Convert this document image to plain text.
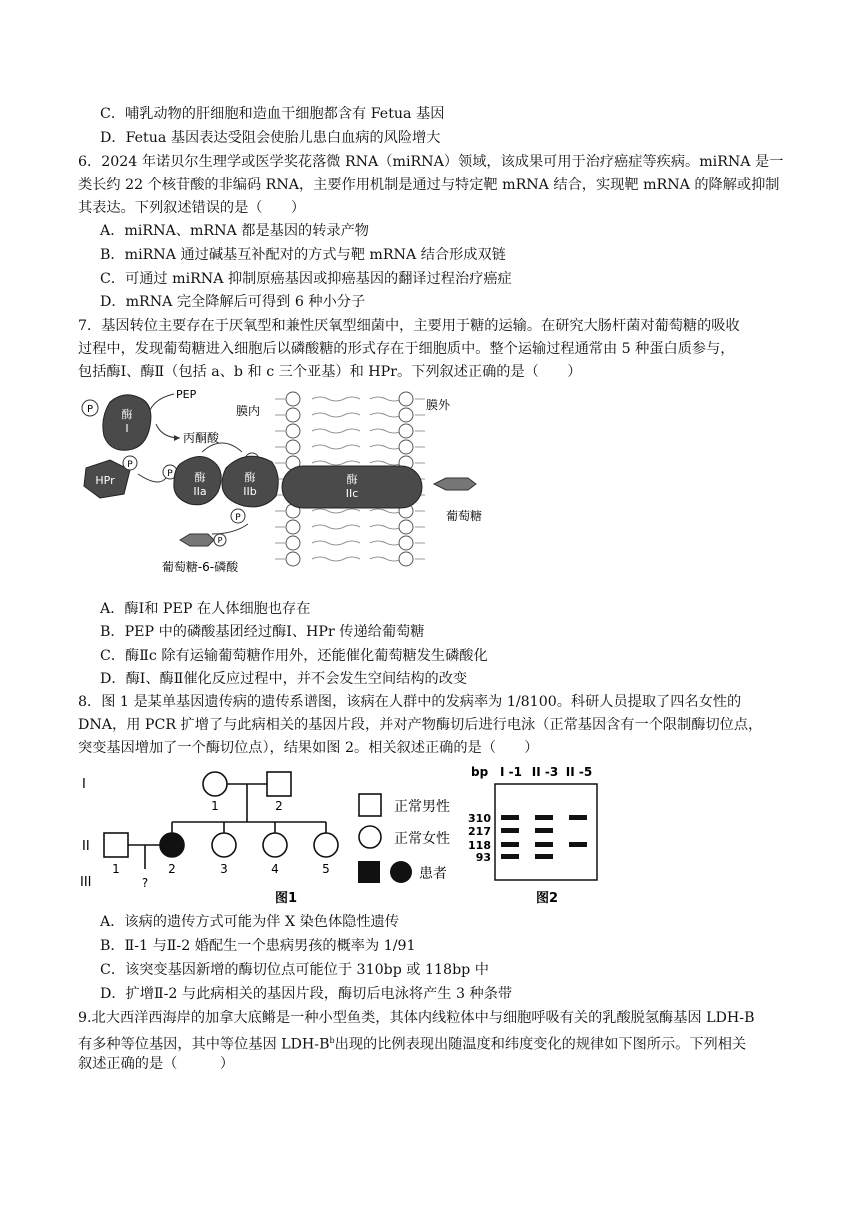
C．哺乳动物的肝细胞和造血干细胞都含有 Fetua 基因
D．Fetua 基因表达受阻会使胎儿患白血病的风险增大
6．2024 年诺贝尔生理学或医学奖花落微 RNA（miRNA）领域，该成果可用于治疗癌症等疾病。miRNA 是一
类长约 22 个核苷酸的非编码 RNA，主要作用机制是通过与特定靶 mRNA 结合，实现靶 mRNA 的降解或抑制
其表达。下列叙述错误的是（　　）
A．miRNA、mRNA 都是基因的转录产物
B．miRNA 通过碱基互补配对的方式与靶 mRNA 结合形成双链
C．可通过 miRNA 抑制原癌基因或抑癌基因的翻译过程治疗癌症
D．mRNA 完全降解后可得到 6 种小分子
7．基因转位主要存在于厌氧型和兼性厌氧型细菌中，主要用于糖的运输。在研究大肠杆菌对葡萄糖的吸收
过程中，发现葡萄糖进入细胞后以磷酸糖的形式存在于细胞质中。整个运输过程通常由 5 种蛋白质参与，
包括酶Ⅰ、酶Ⅱ（包括 a、b 和 c 三个亚基）和 HPr。下列叙述正确的是（　　）
膜内	膜外
P	酶
I
PEP
丙酮酸
HPr
P
P 酶
IIa
酶
IIb
P
酶
IIc
葡萄糖
P
葡萄糖-6-磷酸
A．酶Ⅰ和 PEP 在人体细胞也存在
B．PEP 中的磷酸基团经过酶Ⅰ、HPr 传递给葡萄糖
C．酶Ⅱc 除有运输葡萄糖作用外，还能催化葡萄糖发生磷酸化
D．酶Ⅰ、酶Ⅱ催化反应过程中，并不会发生空间结构的改变
8．图 1 是某单基因遗传病的遗传系谱图，该病在人群中的发病率为 1/8100。科研人员提取了四名女性的
DNA，用 PCR 扩增了与此病相关的基因片段，并对产物酶切后进行电泳（正常基因含有一个限制酶切位点，
突变基因增加了一个酶切位点），结果如图 2。相关叙述正确的是（　　）
I
II
III
1	2
1	2	3	4	5
?
图1
正常男性
正常女性
患者
bp I -1 II -3 II -5
310
217
118
93
图2
A．该病的遗传方式可能为伴 X 染色体隐性遗传
B．Ⅱ-1 与Ⅱ-2 婚配生一个患病男孩的概率为 1/91
C．该突变基因新增的酶切位点可能位于 310bp 或 118bp 中
D．扩增Ⅱ-2 与此病相关的基因片段，酶切后电泳将产生 3 种条带
9.北大西洋西海岸的加拿大底鳉是一种小型鱼类，其体内线粒体中与细胞呼吸有关的乳酸脱氢酶基因 LDH-B
有多种等位基因，其中等位基因 LDH-$B^b$出现的比例表现出随温度和纬度变化的规律如下图所示。下列相关
叙述正确的是（　　　）
